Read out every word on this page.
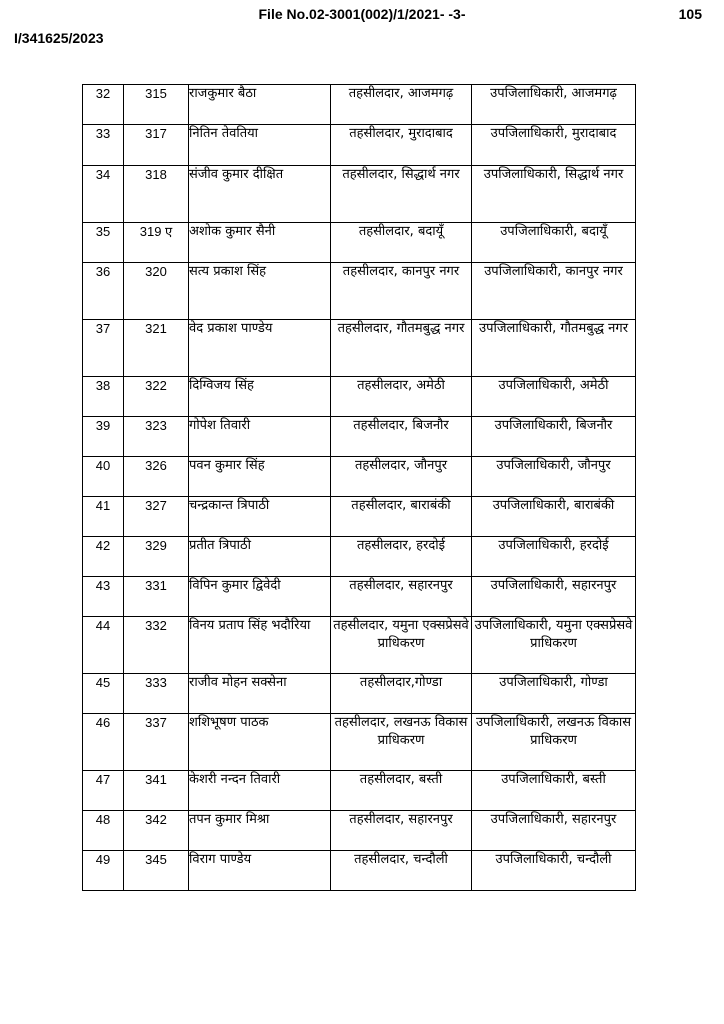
File No.02-3001(002)/1/2021- -3-	105
I/341625/2023
32	315	राजकुमार बैठा	तहसीलदार, आजमगढ़	उपजिलाधिकारी, आजमगढ़
33	317	नितिन तेवतिया	तहसीलदार, मुरादाबाद	उपजिलाधिकारी, मुरादाबाद
34	318	संजीव कुमार दीक्षित	तहसीलदार, सिद्धार्थ नगर	उपजिलाधिकारी, सिद्धार्थ नगर
35	319 ए	अशोक कुमार सैनी	तहसीलदार, बदायूँ	उपजिलाधिकारी, बदायूँ
36	320	सत्य प्रकाश सिंह	तहसीलदार, कानपुर नगर	उपजिलाधिकारी, कानपुर नगर
37	321	वेद प्रकाश पाण्डेय	तहसीलदार, गौतमबुद्ध नगर	उपजिलाधिकारी, गौतमबुद्ध नगर
38	322	दिग्विजय सिंह	तहसीलदार, अमेठी	उपजिलाधिकारी, अमेठी
39	323	गोपेश तिवारी	तहसीलदार, बिजनौर	उपजिलाधिकारी, बिजनौर
40	326	पवन कुमार सिंह	तहसीलदार, जौनपुर	उपजिलाधिकारी, जौनपुर
41	327	चन्द्रकान्त त्रिपाठी	तहसीलदार, बाराबंकी	उपजिलाधिकारी, बाराबंकी
42	329	प्रतीत त्रिपाठी	तहसीलदार, हरदोई	उपजिलाधिकारी, हरदोई
43	331	विपिन कुमार द्विवेदी	तहसीलदार, सहारनपुर	उपजिलाधिकारी, सहारनपुर
44	332	विनय प्रताप सिंह भदौरिया	तहसीलदार, यमुना एक्सप्रेसवे प्राधिकरण	उपजिलाधिकारी, यमुना एक्सप्रेसवे प्राधिकरण
45	333	राजीव मोहन सक्सेना	तहसीलदार,गोण्डा	उपजिलाधिकारी, गोण्डा
46	337	शशिभूषण पाठक	तहसीलदार, लखनऊ विकास प्राधिकरण	उपजिलाधिकारी, लखनऊ विकास प्राधिकरण
47	341	केशरी नन्दन तिवारी	तहसीलदार, बस्ती	उपजिलाधिकारी, बस्ती
48	342	तपन कुमार मिश्रा	तहसीलदार, सहारनपुर	उपजिलाधिकारी, सहारनपुर
49	345	विराग पाण्डेय	तहसीलदार, चन्दौली	उपजिलाधिकारी, चन्दौली
